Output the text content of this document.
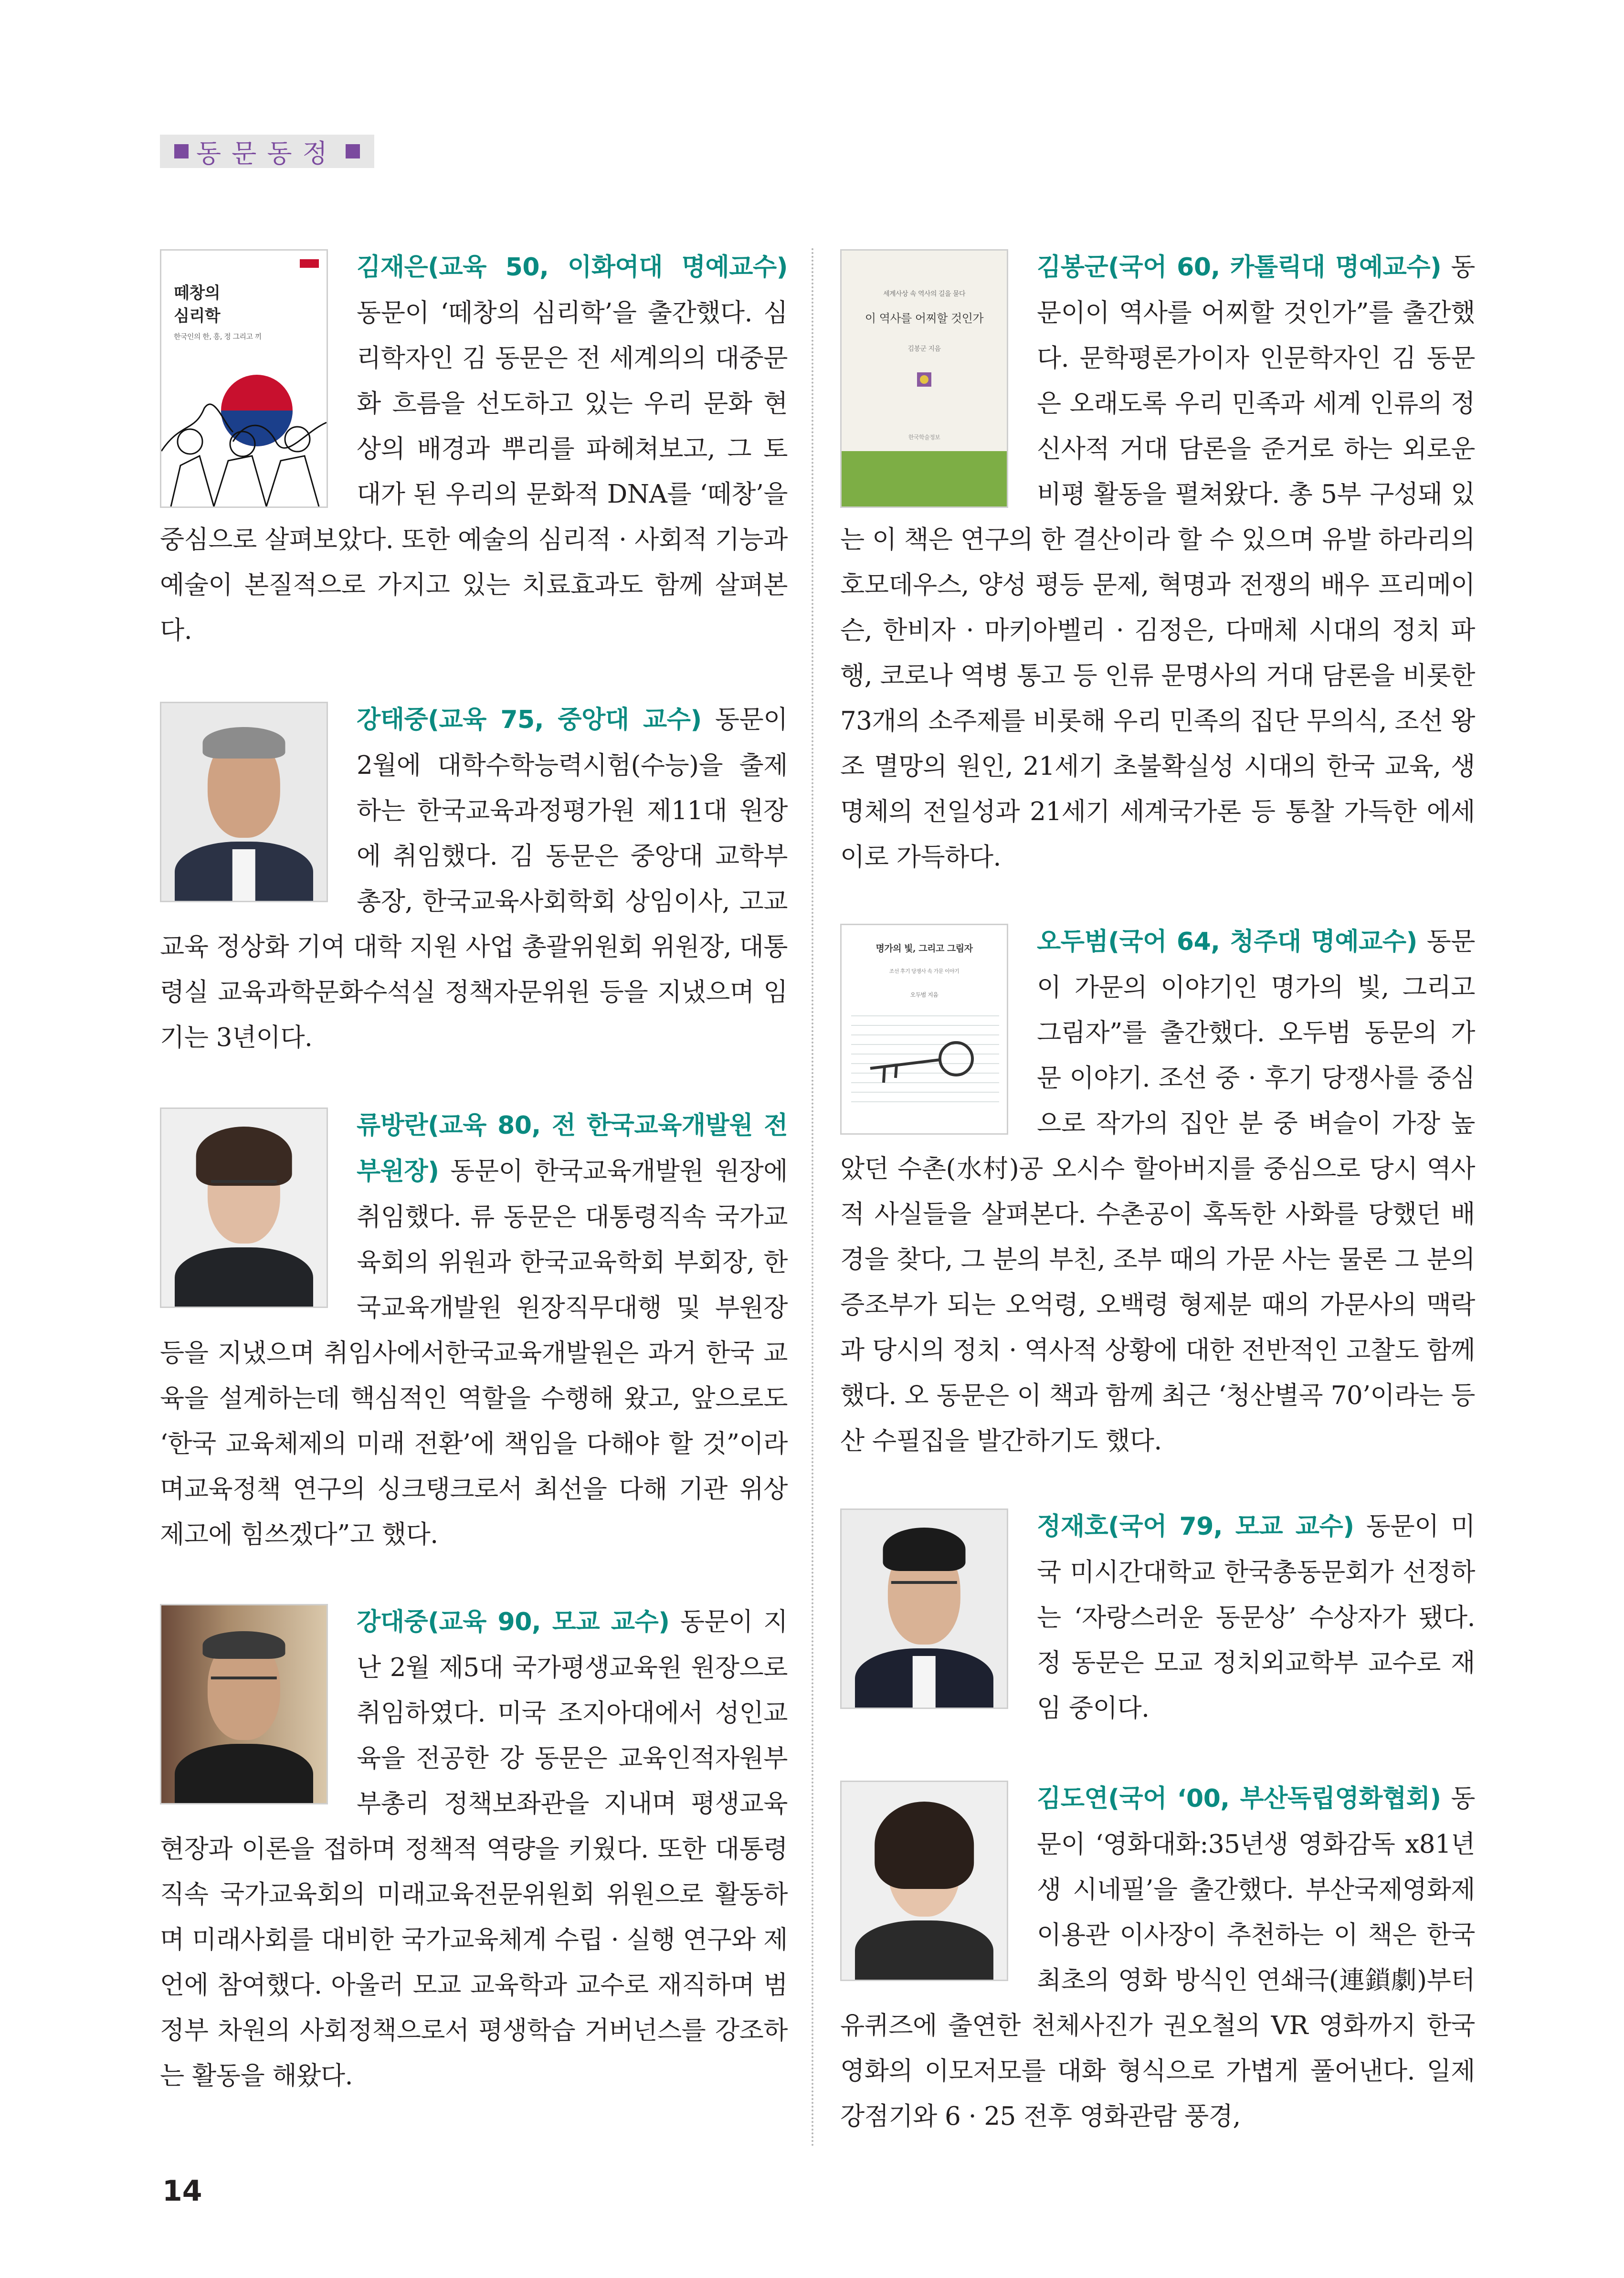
동문동정
떼창의
심리학
한국인의 한, 흥, 정 그리고 끼

김재은(교육 50, 이화여대 명예교수) 동문이 ‘떼창의 심리학’을 출간했다. 심리학자인 김 동문은 전 세계의의 대중문화 흐름을 선도하고 있는 우리 문화 현상의 배경과 뿌리를 파헤쳐보고, 그 토대가 된 우리의 문화적 DNA를 ‘떼창’을 중심으로 살펴보았다. 또한 예술의 심리적 · 사회적 기능과 예술이 본질적으로 가지고 있는 치료효과도 함께 살펴본다.

강태중(교육 75, 중앙대 교수) 동문이 2월에 대학수학능력시험(수능)을 출제하는 한국교육과정평가원 제11대 원장에 취임했다. 김 동문은 중앙대 교학부총장, 한국교육사회학회 상임이사, 고교교육 정상화 기여 대학 지원 사업 총괄위원회 위원장, 대통령실 교육과학문화수석실 정책자문위원 등을 지냈으며 임기는 3년이다.

류방란(교육 80, 전 한국교육개발원 전부원장) 동문이 한국교육개발원 원장에 취임했다. 류 동문은 대통령직속 국가교육회의 위원과 한국교육학회 부회장, 한국교육개발원 원장직무대행 및 부원장 등을 지냈으며 취임사에서한국교육개발원은 과거 한국 교육을 설계하는데 핵심적인 역할을 수행해 왔고, 앞으로도 ‘한국 교육체제의 미래 전환’에 책임을 다해야 할 것”이라며교육정책 연구의 싱크탱크로서 최선을 다해 기관 위상 제고에 힘쓰겠다”고 했다.

강대중(교육 90, 모교 교수) 동문이 지난 2월 제5대 국가평생교육원 원장으로 취임하였다. 미국 조지아대에서 성인교육을 전공한 강 동문은 교육인적자원부 부총리 정책보좌관을 지내며 평생교육 현장과 이론을 접하며 정책적 역량을 키웠다. 또한 대통령 직속 국가교육회의 미래교육전문위원회 위원으로 활동하며 미래사회를 대비한 국가교육체계 수립 · 실행 연구와 제언에 참여했다. 아울러 모교 교육학과 교수로 재직하며 범정부 차원의 사회정책으로서 평생학습 거버넌스를 강조하는 활동을 해왔다.

세계사상 속 역사의 길을 묻다
이 역사를 어찌할 것인가
김봉군 지음
한국학술정보

김봉군(국어 60, 카톨릭대 명예교수) 동문이이 역사를 어찌할 것인가”를 출간했다. 문학평론가이자 인문학자인 김 동문은 오래도록 우리 민족과 세계 인류의 정신사적 거대 담론을 준거로 하는 외로운 비평 활동을 펼쳐왔다. 총 5부 구성돼 있는 이 책은 연구의 한 결산이라 할 수 있으며 유발 하라리의 호모데우스, 양성 평등 문제, 혁명과 전쟁의 배우 프리메이슨, 한비자 · 마키아벨리 · 김정은, 다매체 시대의 정치 파행, 코로나 역병 통고 등 인류 문명사의 거대 담론을 비롯한 73개의 소주제를 비롯해 우리 민족의 집단 무의식, 조선 왕조 멸망의 원인, 21세기 초불확실성 시대의 한국 교육, 생명체의 전일성과 21세기 세계국가론 등 통찰 가득한 에세이로 가득하다.

명가의 빛, 그리고 그림자
조선 후기 당쟁사 속 가문 이야기
오두범 지음

오두범(국어 64, 청주대 명예교수) 동문이 가문의 이야기인 명가의 빛, 그리고 그림자”를 출간했다. 오두범 동문의 가문 이야기. 조선 중 · 후기 당쟁사를 중심으로 작가의 집안 분 중 벼슬이 가장 높았던 수촌(水村)공 오시수 할아버지를 중심으로 당시 역사적 사실들을 살펴본다. 수촌공이 혹독한 사화를 당했던 배경을 찾다, 그 분의 부친, 조부 때의 가문 사는 물론 그 분의 증조부가 되는 오억령, 오백령 형제분 때의 가문사의 맥락과 당시의 정치 · 역사적 상황에 대한 전반적인 고찰도 함께 했다. 오 동문은 이 책과 함께 최근 ‘청산별곡 70’이라는 등산 수필집을 발간하기도 했다.

정재호(국어 79, 모교 교수) 동문이 미국 미시간대학교 한국총동문회가 선정하는 ‘자랑스러운 동문상’ 수상자가 됐다. 정 동문은 모교 정치외교학부 교수로 재임 중이다.

김도연(국어 ‘00, 부산독립영화협회) 동문이 ‘영화대화:35년생 영화감독 x81년생 시네필’을 출간했다. 부산국제영화제 이용관 이사장이 추천하는 이 책은 한국 최초의 영화 방식인 연쇄극(連鎖劇)부터 유퀴즈에 출연한 천체사진가 권오철의 VR 영화까지 한국영화의 이모저모를 대화 형식으로 가볍게 풀어낸다. 일제강점기와 6 · 25 전후 영화관람 풍경,

14
